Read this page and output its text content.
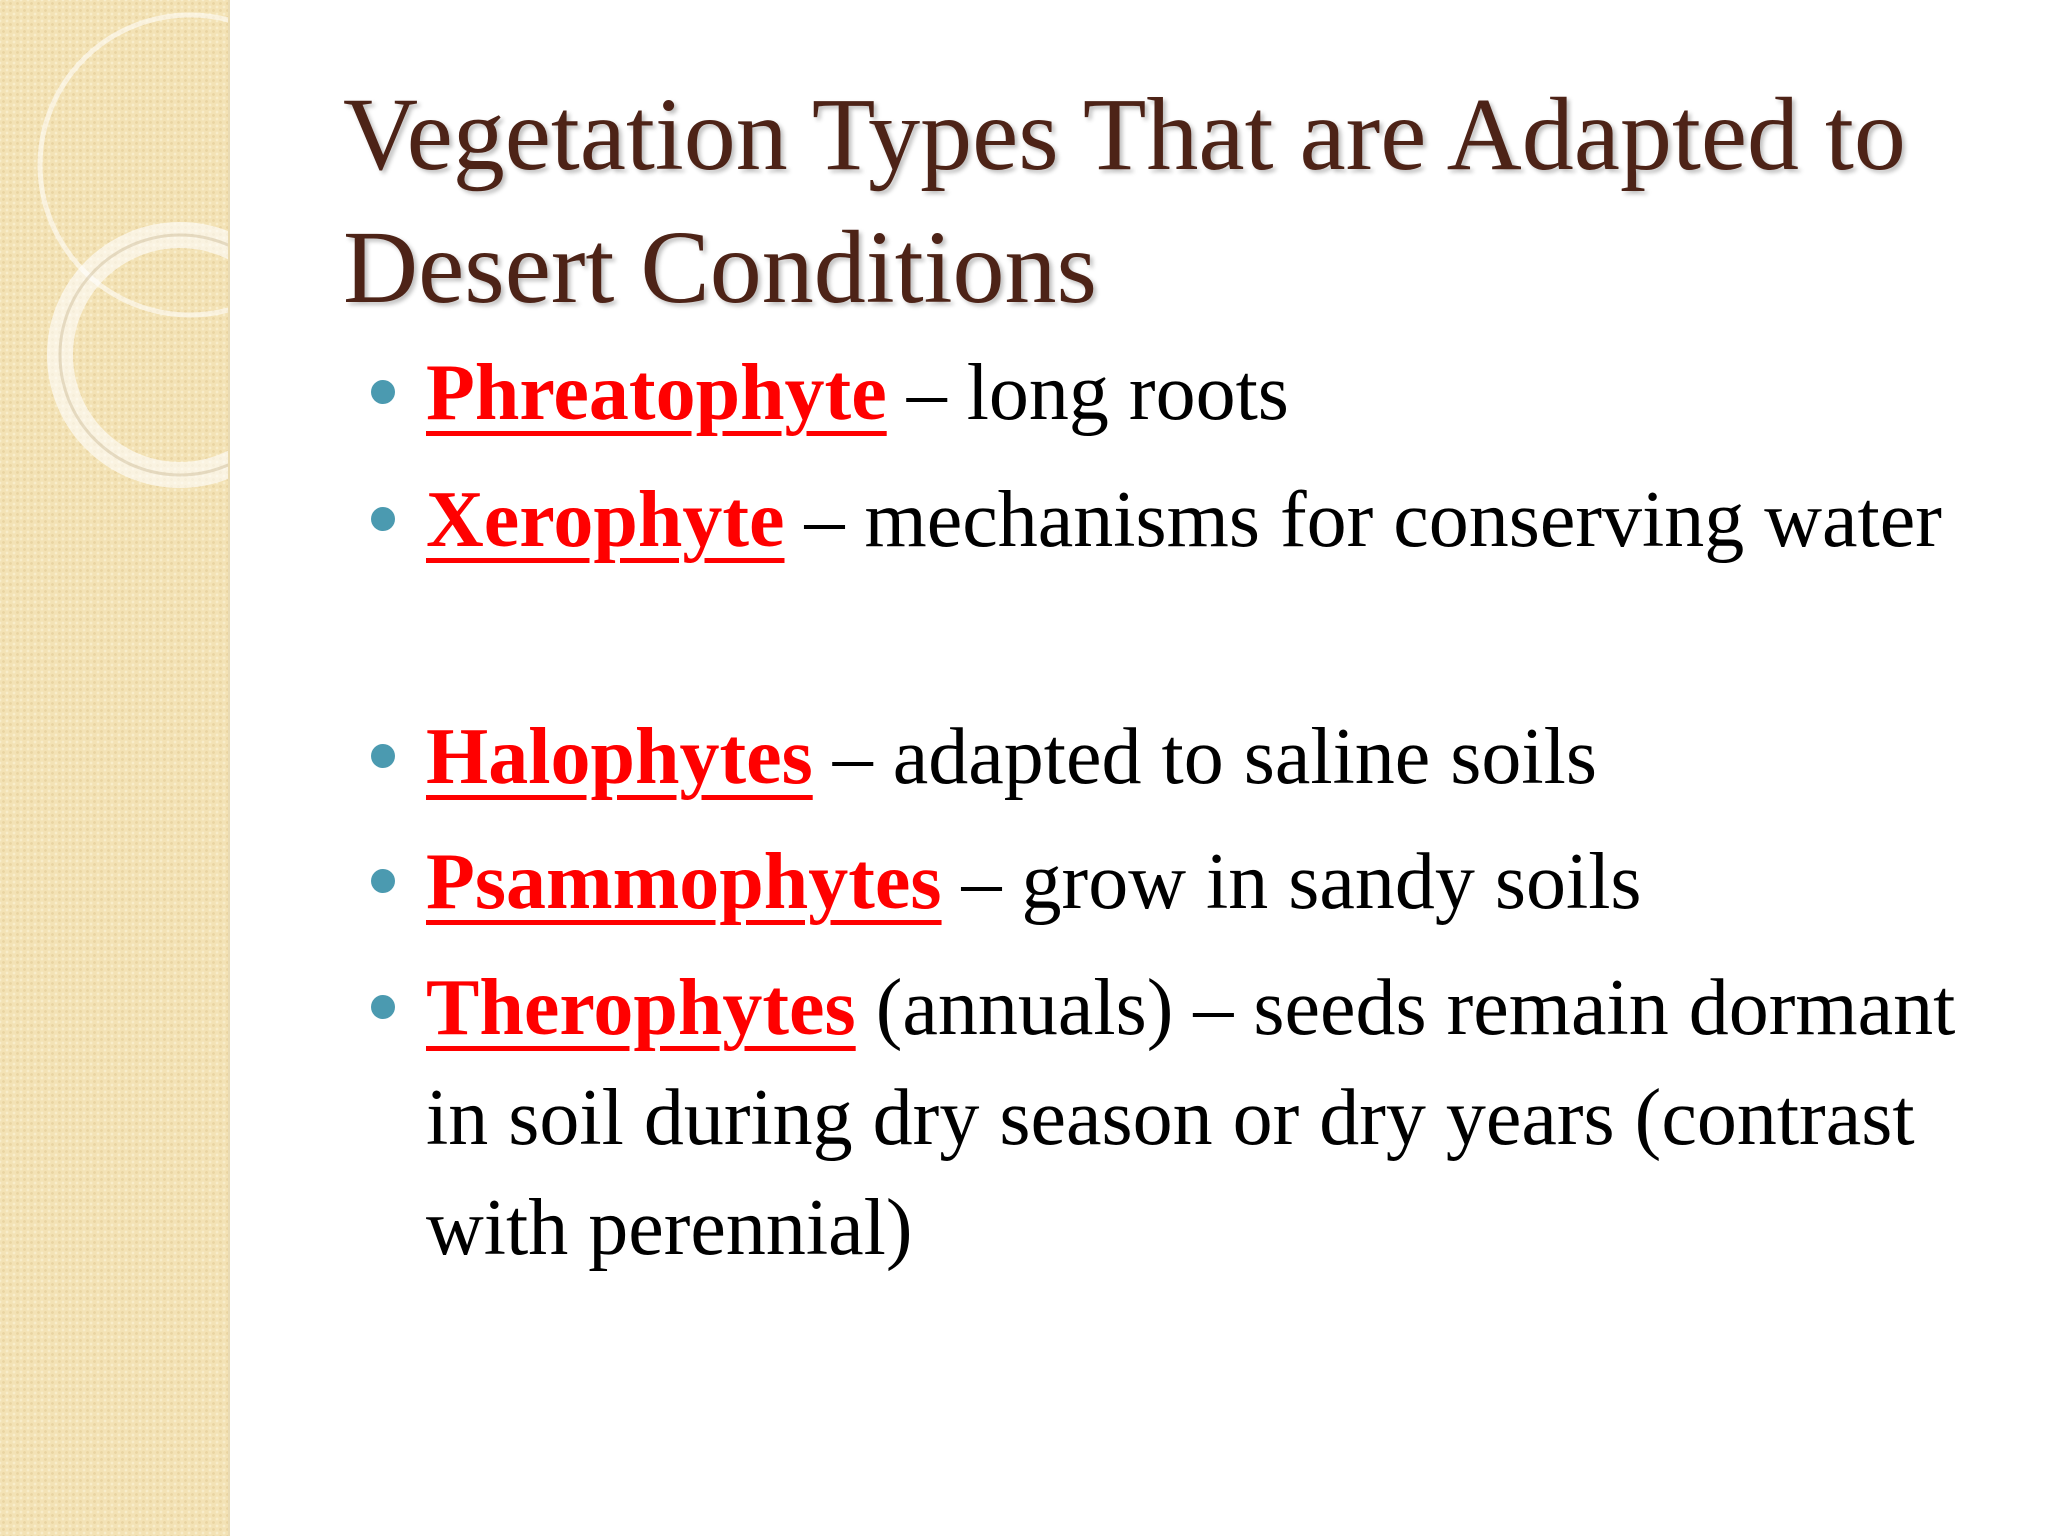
Vegetation Types That are Adapted to Desert Conditions
Phreatophyte – long roots
Xerophyte – mechanisms for conserving water
Halophytes – adapted to saline soils
Psammophytes – grow in sandy soils
Therophytes (annuals) – seeds remain dormant in soil during dry season or dry years (contrast with perennial)
